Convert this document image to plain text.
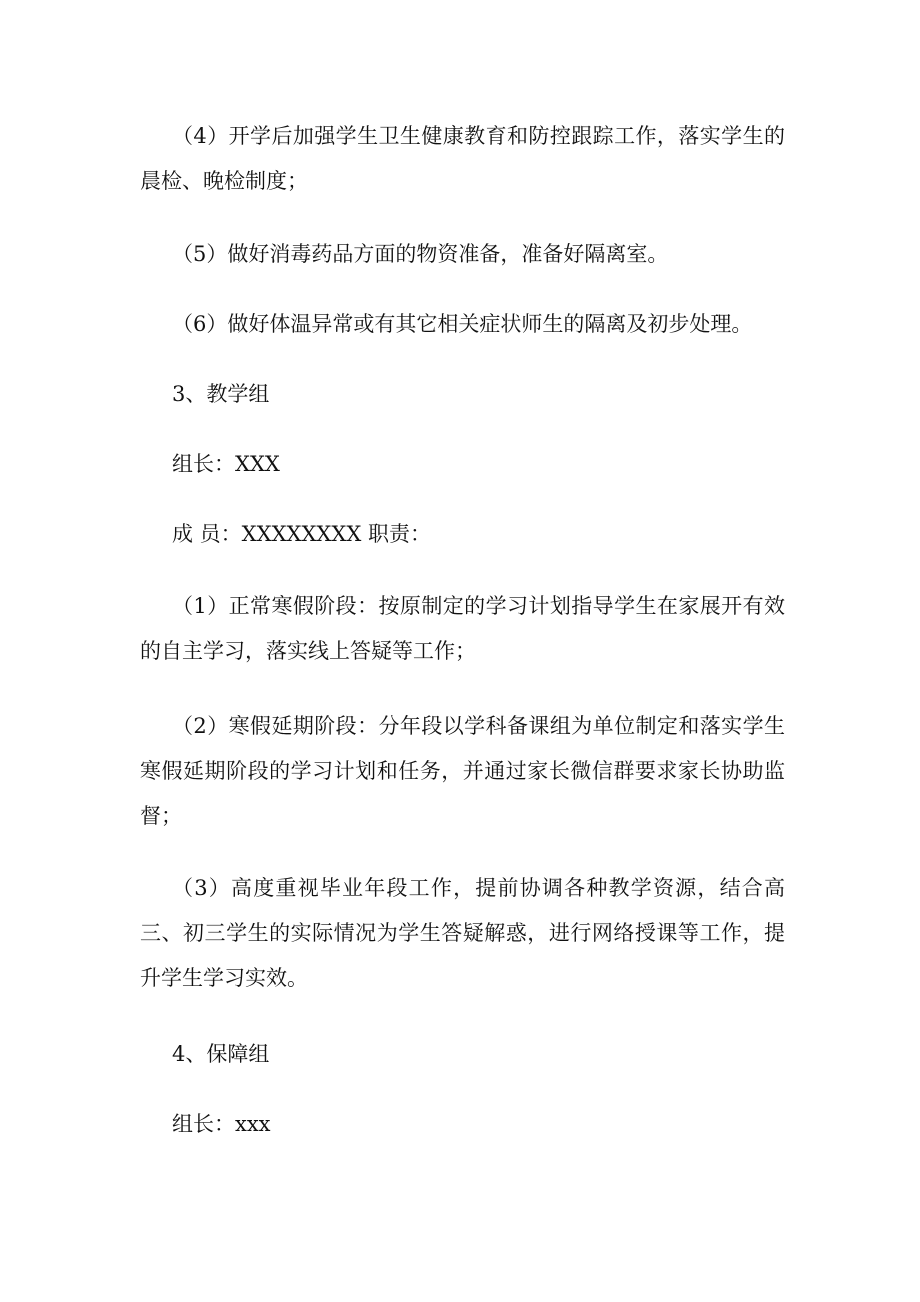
（4）开学后加强学生卫生健康教育和防控跟踪工作，落实学生的晨检、晚检制度；

（5）做好消毒药品方面的物资准备，准备好隔离室。

（6）做好体温异常或有其它相关症状师生的隔离及初步处理。

3、教学组

组长：XXX

成 员：XXXXXXXX 职责：

（1）正常寒假阶段：按原制定的学习计划指导学生在家展开有效的自主学习，落实线上答疑等工作；

（2）寒假延期阶段：分年段以学科备课组为单位制定和落实学生寒假延期阶段的学习计划和任务，并通过家长微信群要求家长协助监督；

（3）高度重视毕业年段工作，提前协调各种教学资源，结合高三、初三学生的实际情况为学生答疑解惑，进行网络授课等工作，提升学生学习实效。

4、保障组

组长：xxx
